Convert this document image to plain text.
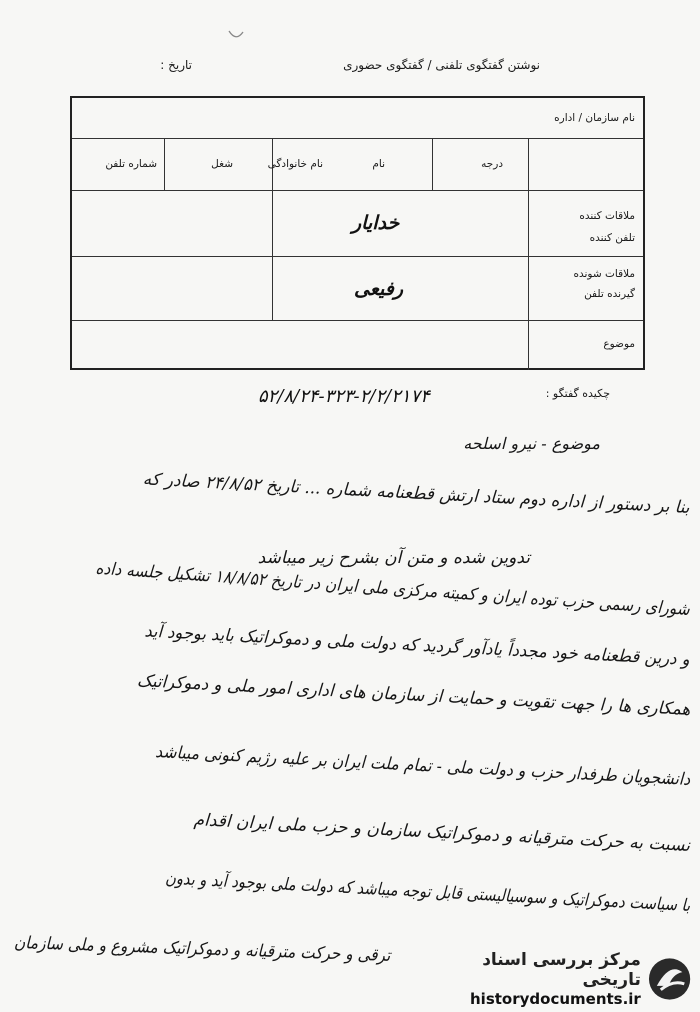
نوشتن گفتگوی تلفنی / گفتگوی حضوری
تاریخ :
نام سازمان / اداره
درجه
نام
نام خانوادگی
شغل
شماره تلفن
ملاقات کننده
تلفن کننده
خدایار
ملاقات شونده
گیرنده تلفن
رفیعی
موضوع
چکیده گفتگو :
۵۲/۸/۲۴-۳۲۳-۲/۲/۲۱۷۴
موضوع - نیرو اسلحه
بنا بر دستور از اداره دوم ستاد ارتش قطعنامه شماره ... تاریخ ۲۴/۸/۵۲ صادر که
تدوین شده و متن آن بشرح زیر میباشد
شورای رسمی حزب توده ایران و کمیته مرکزی ملی ایران در تاریخ ۱۸/۸/۵۲ تشکیل جلسه داده
و درین قطعنامه خود مجدداً یادآور گردید که دولت ملی و دموکراتیک باید بوجود آید
همکاری ها را جهت تقویت و حمایت از سازمان های اداری امور ملی و دموکراتیک
دانشجویان طرفدار حزب و دولت ملی - تمام ملت ایران بر علیه رژیم کنونی میباشد
نسبت به حرکت مترقیانه و دموکراتیک سازمان و حزب ملی ایران اقدام
با سیاست دموکراتیک و سوسیالیستی قابل توجه میباشد که دولت ملی بوجود آید و بدون
ترقی و حرکت مترقیانه و دموکراتیک مشروع و ملی سازمان	مرکز بررسی اسناد تاریخی
historydocuments.ir
